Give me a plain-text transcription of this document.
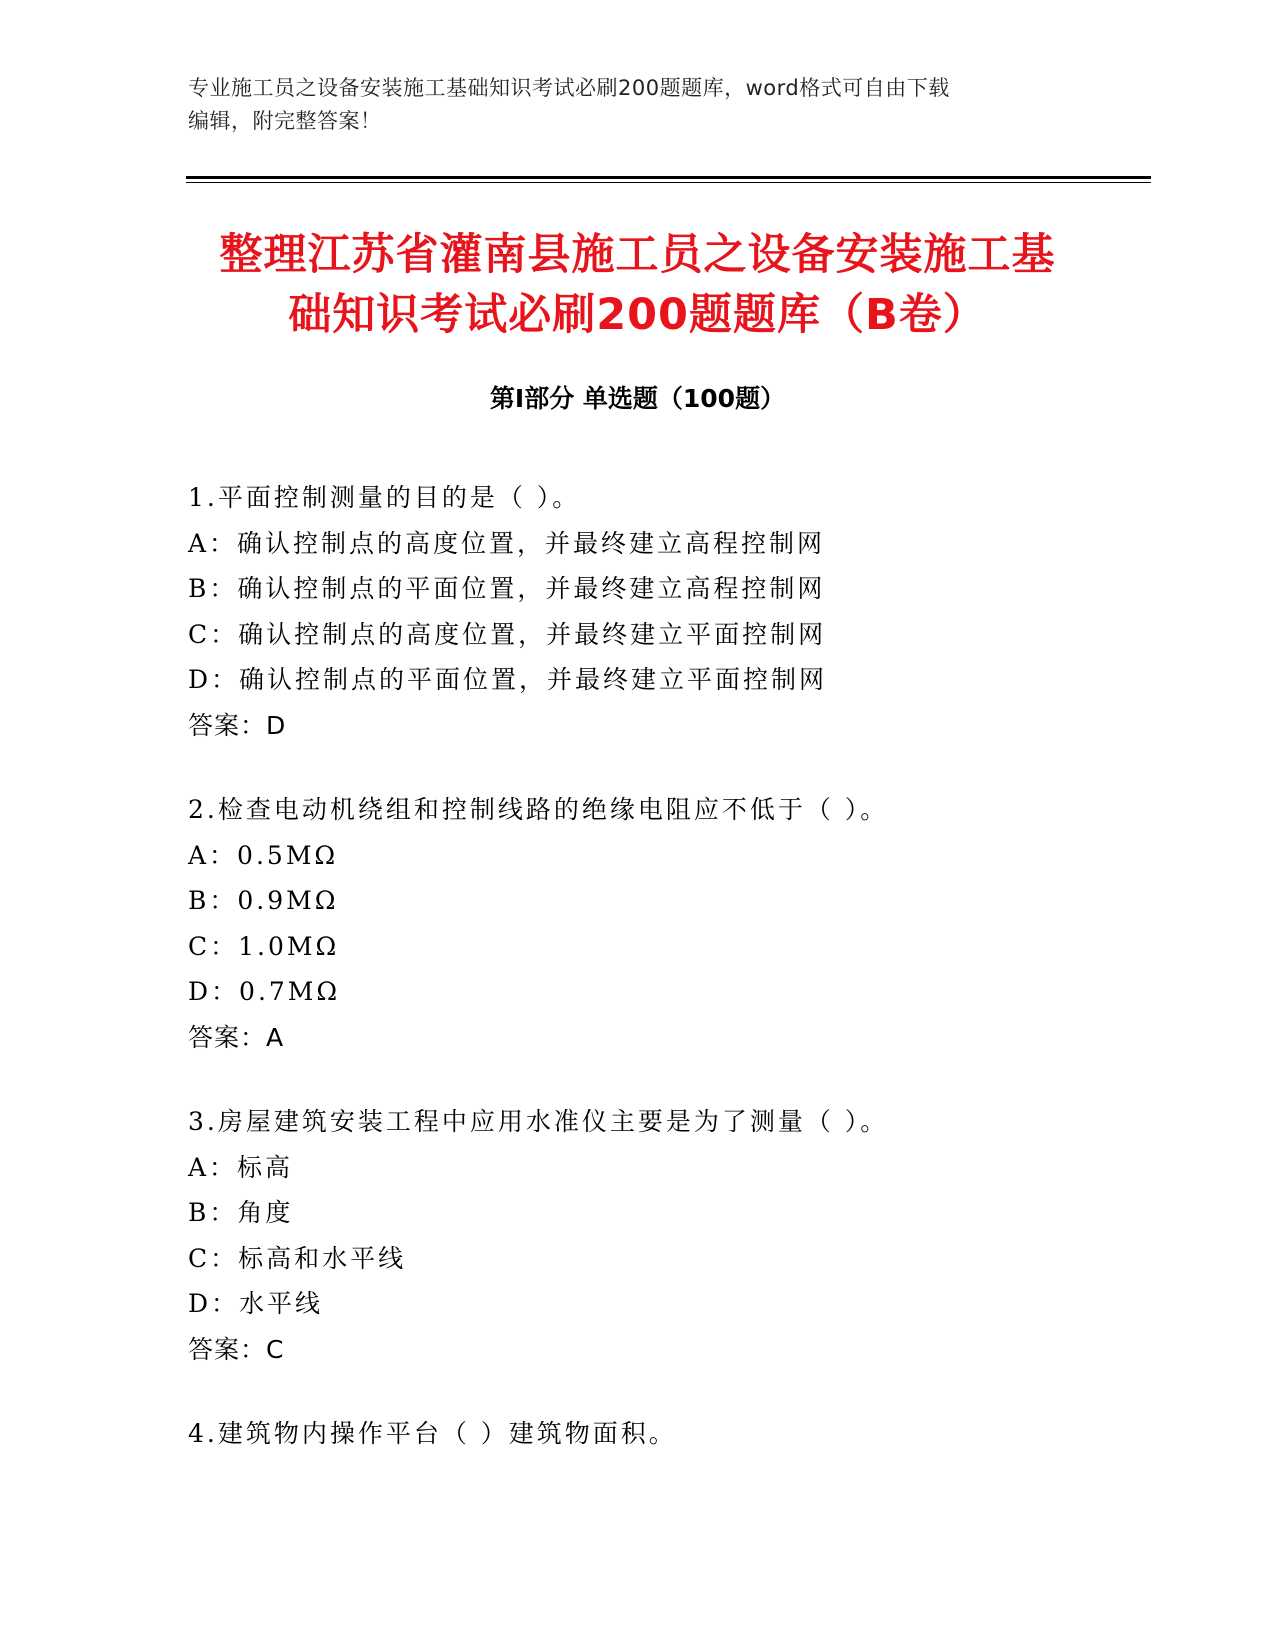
专业施工员之设备安装施工基础知识考试必刷200题题库，word格式可自由下载
编辑，附完整答案！
整理江苏省灌南县施工员之设备安装施工基
础知识考试必刷200题题库（B卷）
第Ⅰ部分 单选题（100题）
1.平面控制测量的目的是（ ）。
A：确认控制点的高度位置，并最终建立高程控制网
B：确认控制点的平面位置，并最终建立高程控制网
C：确认控制点的高度位置，并最终建立平面控制网
D：确认控制点的平面位置，并最终建立平面控制网
答案：D
2.检查电动机绕组和控制线路的绝缘电阻应不低于（ ）。
A：0.5MΩ
B：0.9MΩ
C：1.0MΩ
D：0.7MΩ
答案：A
3.房屋建筑安装工程中应用水准仪主要是为了测量（ ）。
A：标高
B：角度
C：标高和水平线
D：水平线
答案：C
4.建筑物内操作平台（ ）建筑物面积。
